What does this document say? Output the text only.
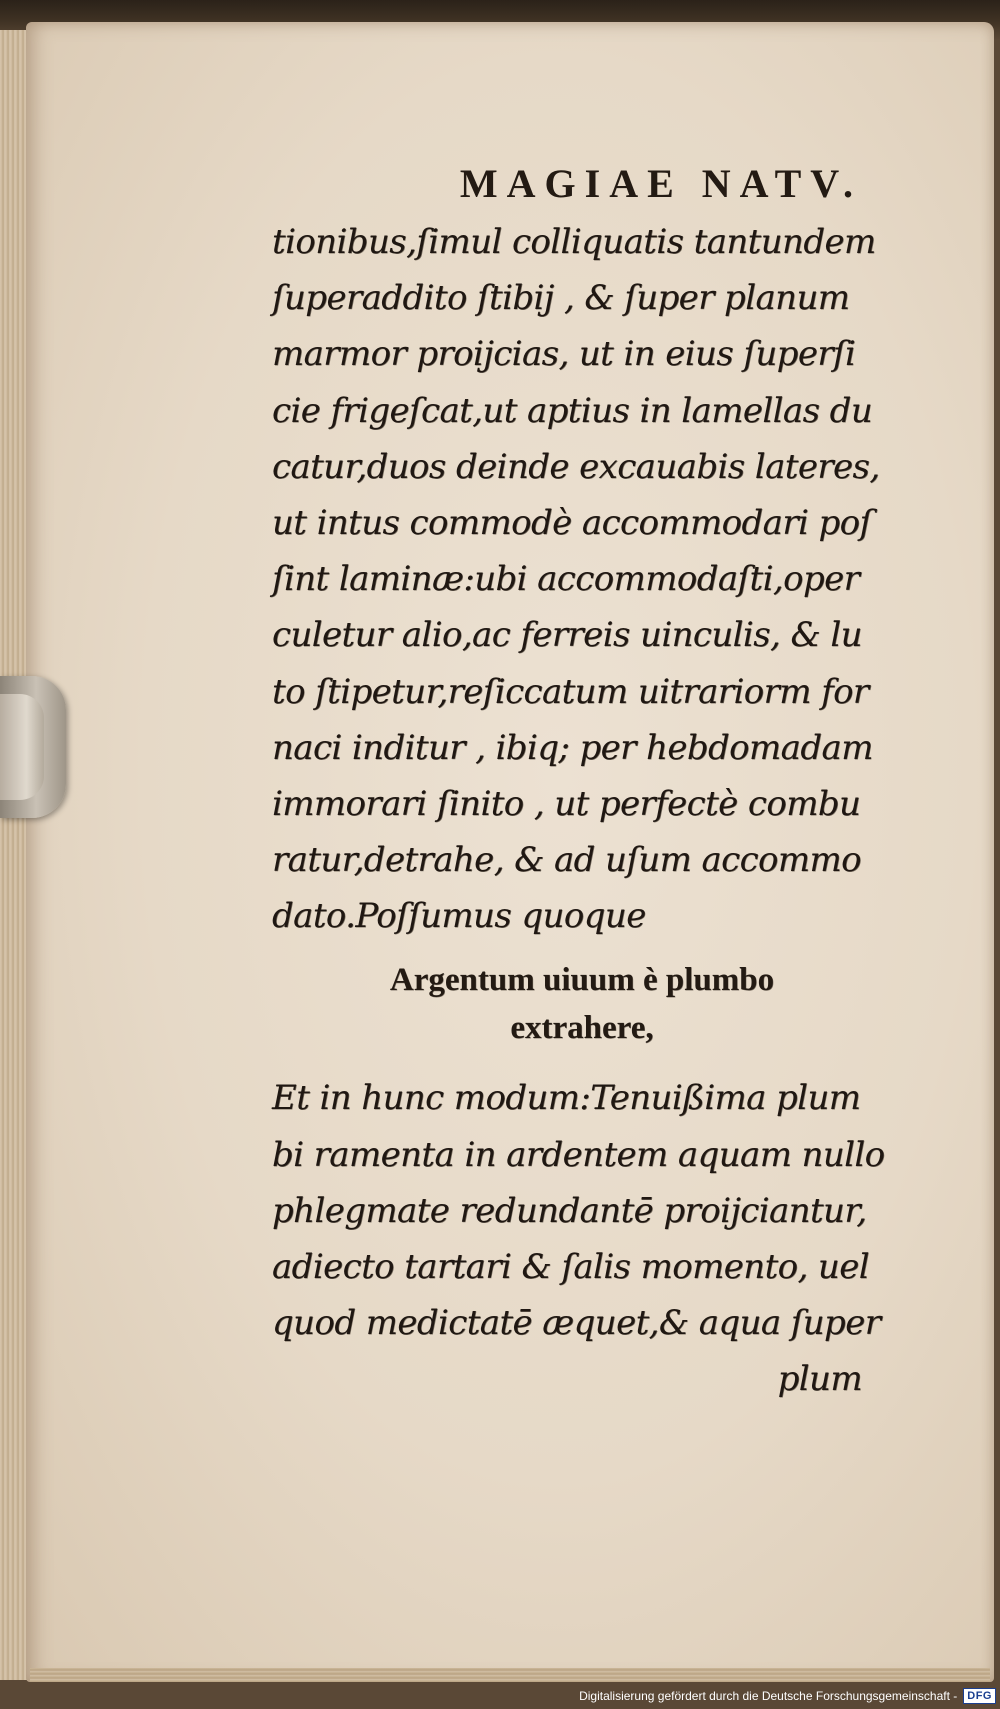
MAGIAE NATV.
tionibus,ſimul colliquatis tantundem
ſuperaddito ſtibij , & ſuper planum
marmor proijcias, ut in eius ſuperſi
cie frigeſcat,ut aptius in lamellas du
catur,duos deinde excauabis lateres,
ut intus commodè accommodari poſ
ſint laminæ:ubi accommodaſti,oper
culetur alio,ac ferreis uinculis, & lu
to ſtipetur,reſiccatum uitrariorm for
naci inditur , ibiq; per hebdomadam
immorari ſinito , ut perfectè combu
ratur,detrahe, & ad uſum accommo
dato.Poſſumus quoque
Argentum uiuum è plumbo
extrahere,
Et in hunc modum:Tenuißima plum
bi ramenta in ardentem aquam nullo
phlegmate redundantē proijciantur,
adiecto tartari & ſalis momento, uel
quod medictatē æquet,& aqua ſuper
plum
Digitalisierung gefördert durch die Deutsche Forschungsgemeinschaft - DFG
